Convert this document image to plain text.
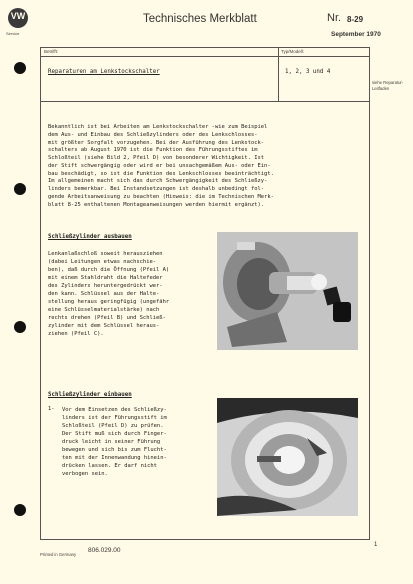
VW
Service
Technisches Merkblatt	Nr. 8-29
September 1970
Betrifft:	Typ/Modell:
Reparaturen am Lenkstockschalter	1, 2, 3 und 4
siehe Reparatur-Leitfaden
Bekanntlich ist bei Arbeiten am Lenkstockschalter -wie zum Beispiel
dem Aus- und Einbau des Schließzylinders oder des Lenkschlosses-
mit größter Sorgfalt vorzugehen. Bei der Ausführung des Lenkstock-
schalters ab August 1970 ist die Funktion des Führungsstiftes im
Schloßteil (siehe Bild 2, Pfeil D) von besonderer Wichtigkeit. Ist
der Stift schwergängig oder wird er bei unsachgemäßem Aus- oder Ein-
bau beschädigt, so ist die Funktion des Lenkschlosses beeinträchtigt.
Im allgemeinen macht sich das durch Schwergängigkeit des Schließzy-
linders bemerkbar. Bei Instandsetzungen ist deshalb unbedingt fol-
gende Arbeitsanweisung zu beachten (Hinweis: die im Technischen Merk-
blatt 8-25 enthaltenen Montageanweisungen werden hiermit ergänzt).
Schließzylinder ausbauen
Lenkanlaßschloß soweit herausziehen
(dabei Leitungen etwas nachschie-
ben), daß durch die Öffnung (Pfeil A)
mit einem Stahldraht die Haltefeder
des Zylinders heruntergedrückt wer-
den kann. Schlüssel aus der Halte-
stellung heraus geringfügig (ungefähr
eine Schlüsselmaterialstärke) nach
rechts drehen (Pfeil B) und Schließ-
zylinder mit dem Schlüssel heraus-
ziehen (Pfeil C).
Schließzylinder einbauen
1- Vor dem Einsetzen des Schließzy-
linders ist der Führungsstift im
Schloßteil (Pfeil D) zu prüfen.
Der Stift muß sich durch Finger-
druck leicht in seiner Führung
bewegen und sich bis zum Flucht-
ten mit der Innenwandung hinein-
drücken lassen. Er darf nicht
verbogen sein.
Printed in Germany
806.029.00
1
